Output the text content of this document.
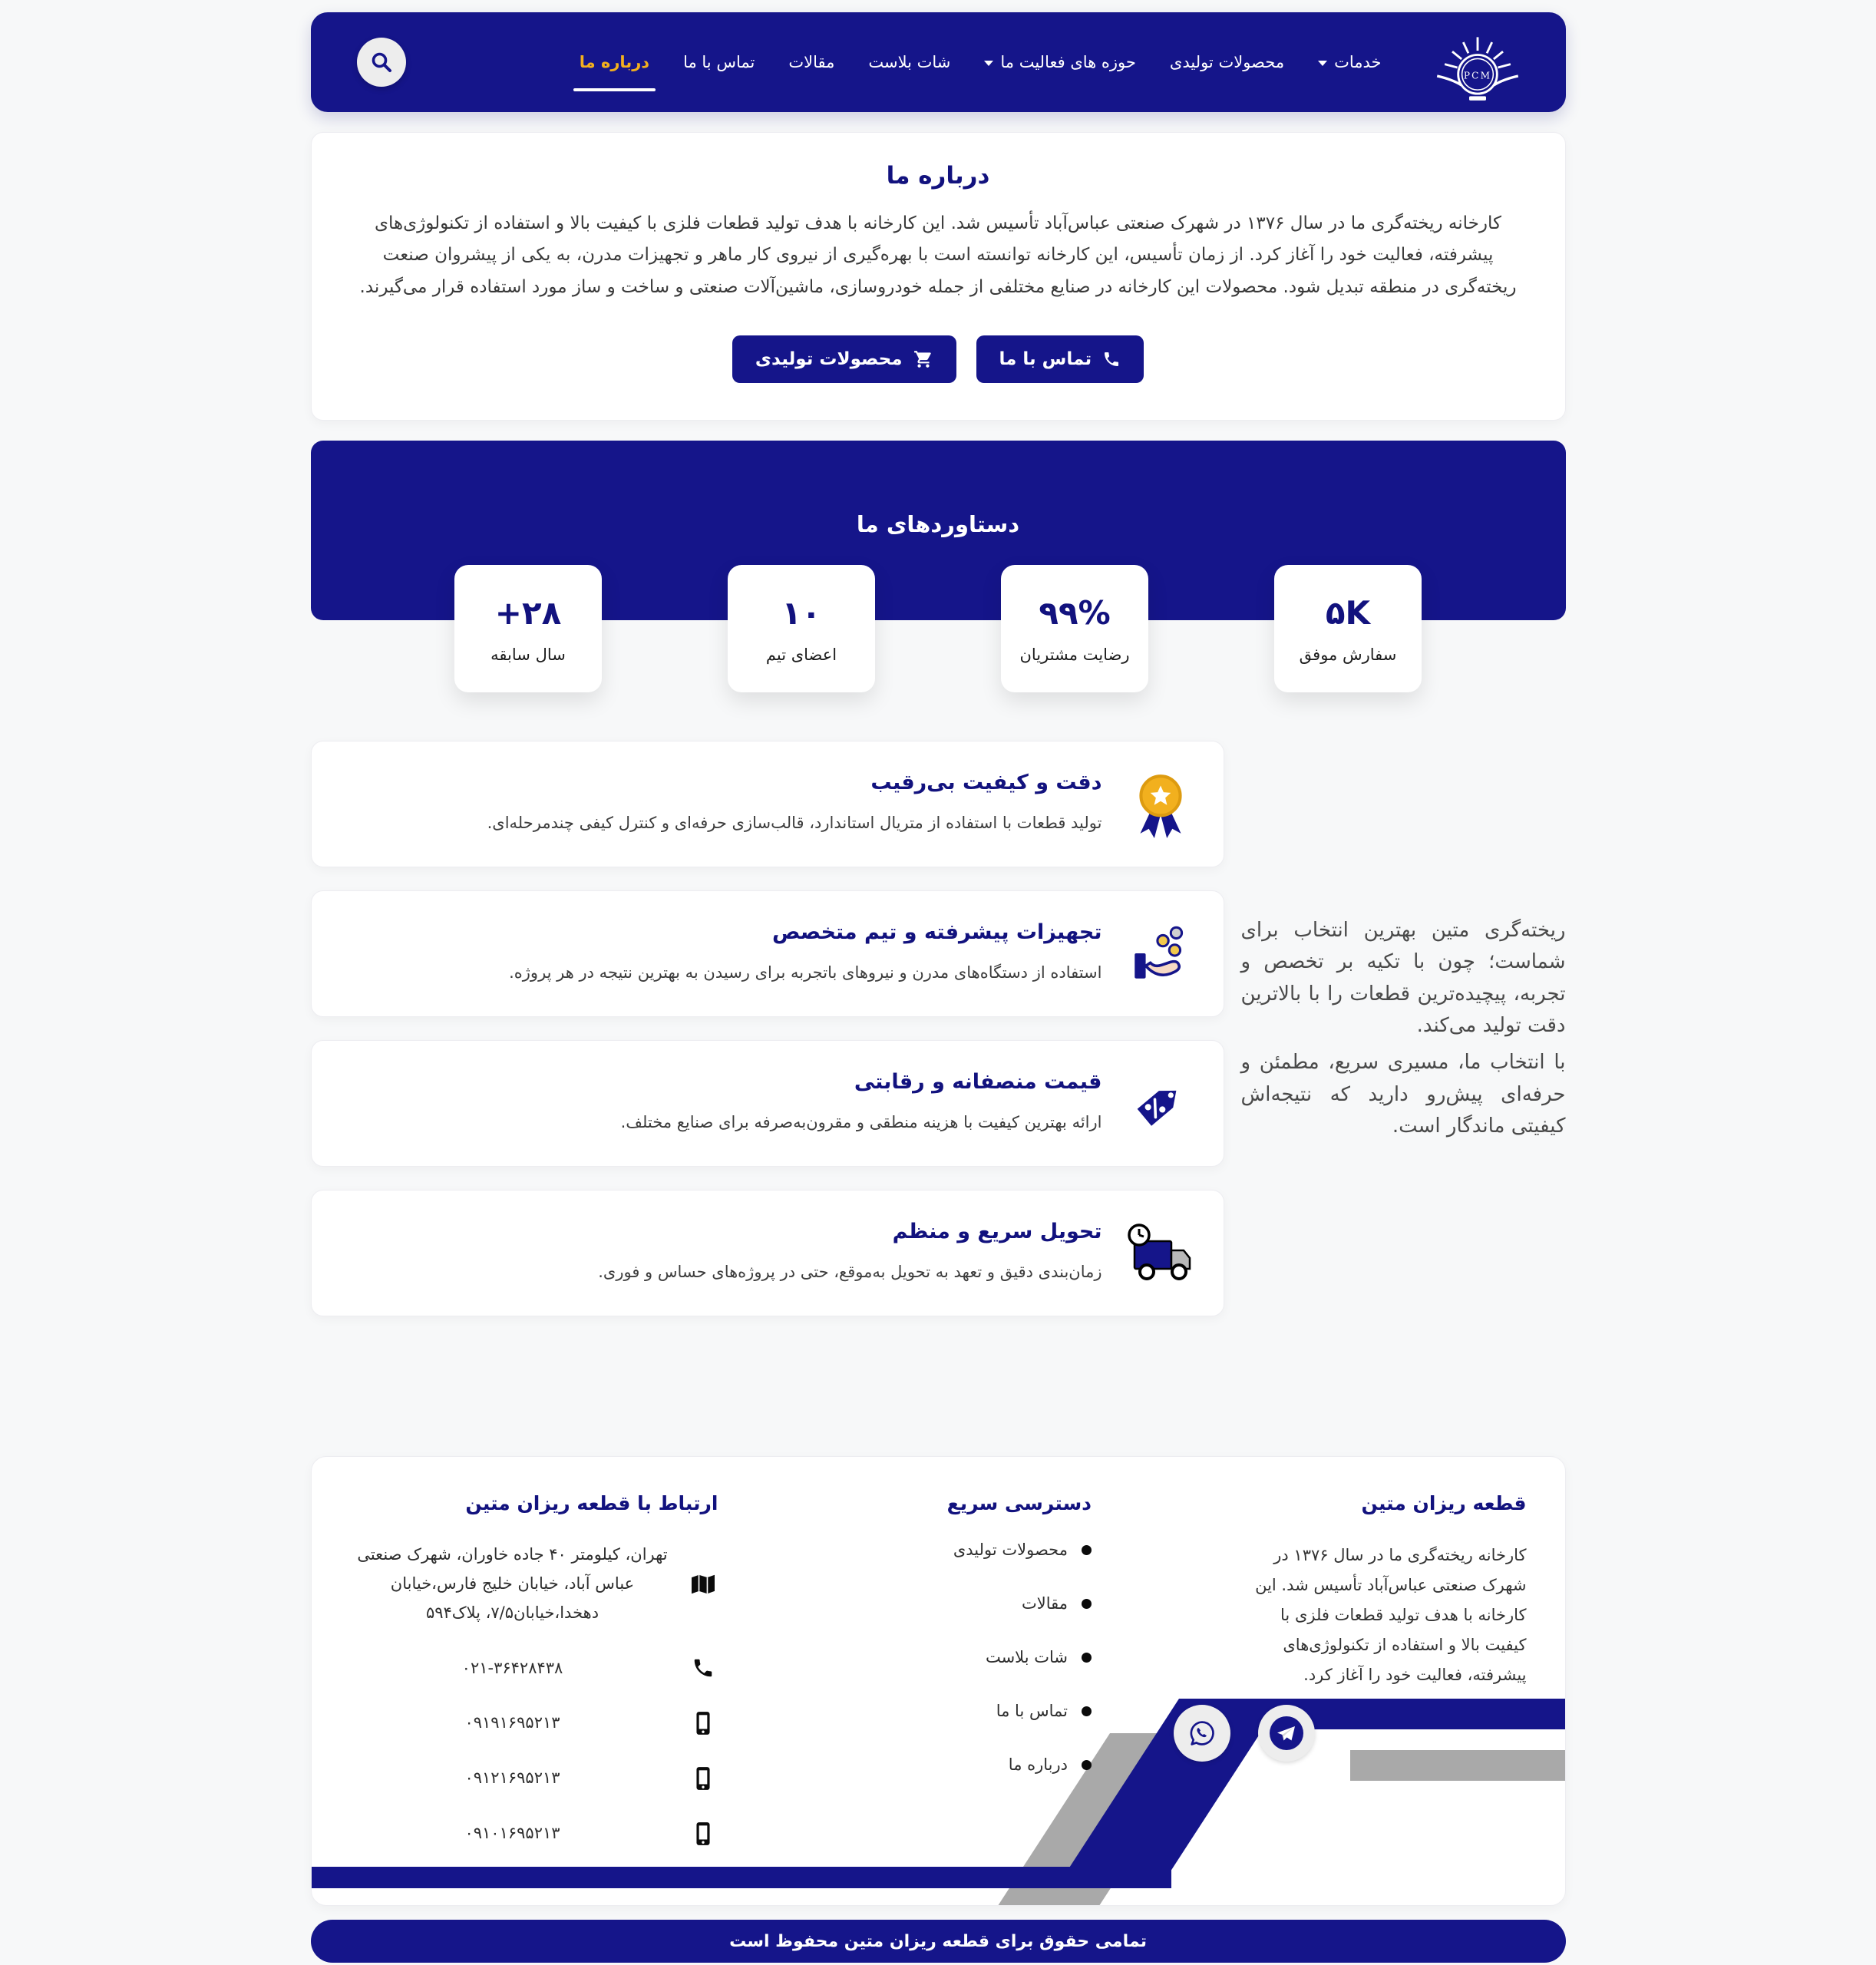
PCM
خدمات
محصولات تولیدی
حوزه های فعالیت ما
شات بلاست
مقالات
تماس با ما
درباره ما
درباره ما

کارخانه ریخته‌گری ما در سال ۱۳۷۶ در شهرک صنعتی عباس‌آباد تأسیس شد. این کارخانه با هدف تولید قطعات فلزی با کیفیت بالا و استفاده از تکنولوژی‌های پیشرفته، فعالیت خود را آغاز کرد. از زمان تأسیس، این کارخانه توانسته است با بهره‌گیری از نیروی کار ماهر و تجهیزات مدرن، به یکی از پیشروان صنعت ریخته‌گری در منطقه تبدیل شود. محصولات این کارخانه در صنایع مختلفی از جمله خودروسازی، ماشین‌آلات صنعتی و ساخت و ساز مورد استفاده قرار می‌گیرند.

تماس با ما
محصولات تولیدی
دستاوردهای ما
۵K
سفارش موفق
۹۹%
رضایت مشتریان
۱۰
اعضای تیم
+۲۸
سال سابقه

ریخته‌گری متین بهترین انتخاب برای شماست؛ چون با تکیه بر تخصص و تجربه، پیچیده‌ترین قطعات را با بالاترین دقت تولید می‌کند.

با انتخاب ما، مسیری سریع، مطمئن و حرفه‌ای پیش‌رو دارید که نتیجه‌اش کیفیتی ماندگار است.

دقت و کیفیت بی‌رقیب

تولید قطعات با استفاده از متریال استاندارد، قالب‌سازی حرفه‌ای و کنترل کیفی چندمرحله‌ای.

تجهیزات پیشرفته و تیم متخصص

استفاده از دستگاه‌های مدرن و نیروهای باتجربه برای رسیدن به بهترین نتیجه در هر پروژه.

قیمت منصفانه و رقابتی

ارائه بهترین کیفیت با هزینه منطقی و مقرون‌به‌صرفه برای صنایع مختلف.

تحویل سریع و منظم

زمان‌بندی دقیق و تعهد به تحویل به‌موقع، حتی در پروژه‌های حساس و فوری.

قطعه ریزان متین

کارخانه ریخته‌گری ما در سال ۱۳۷۶ در شهرک صنعتی عباس‌آباد تأسیس شد. این کارخانه با هدف تولید قطعات فلزی با کیفیت بالا و استفاده از تکنولوژی‌های پیشرفته، فعالیت خود را آغاز کرد.

دسترسی سریع
محصولات تولیدی
مقالات
شات بلاست
تماس با ما
درباره ما
ارتباط با قطعه ریزان متین
تهران، کیلومتر ۴۰ جاده خاوران، شهرک صنعتی عباس آباد، خیابان خلیج فارس،خیابان دهخدا،خیابان۷/۵، پلاک۵۹۴
۰۲۱-۳۶۴۲۸۴۳۸
۰۹۱۹۱۶۹۵۲۱۳
۰۹۱۲۱۶۹۵۲۱۳
۰۹۱۰۱۶۹۵۲۱۳
تمامی حقوق برای قطعه ریزان متین محفوظ است
